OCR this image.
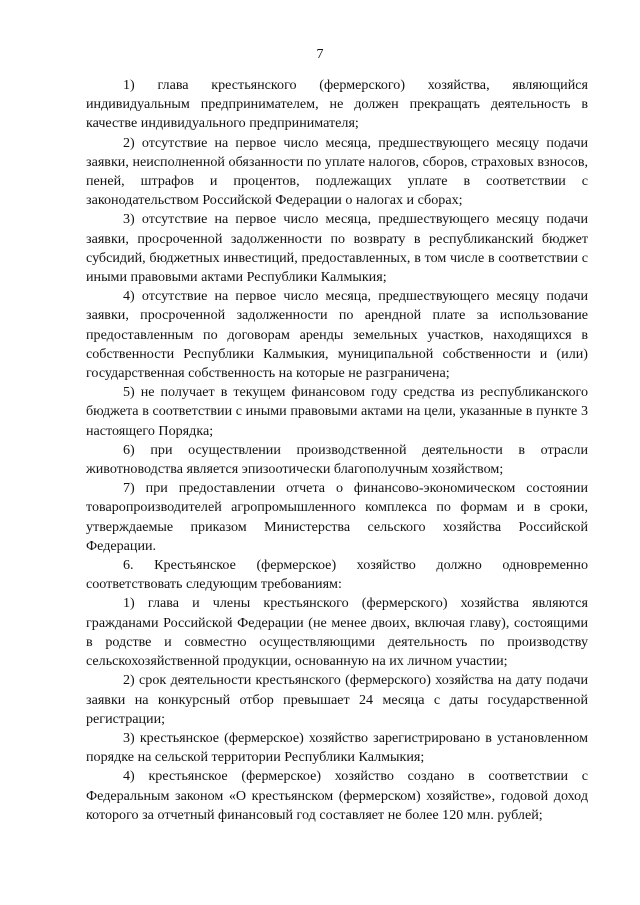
7

1) глава крестьянского (фермерского) хозяйства, являющийся индивидуальным предпринимателем, не должен прекращать деятельность в качестве индивидуального предпринимателя;

2) отсутствие на первое число месяца, предшествующего месяцу подачи заявки, неисполненной обязанности по уплате налогов, сборов, страховых взносов, пеней, штрафов и процентов, подлежащих уплате в соответствии с законодательством Российской Федерации о налогах и сборах;

3) отсутствие на первое число месяца, предшествующего месяцу подачи заявки, просроченной задолженности по возврату в республиканский бюджет субсидий, бюджетных инвестиций, предоставленных, в том числе в соответствии с иными правовыми актами Республики Калмыкия;

4) отсутствие на первое число месяца, предшествующего месяцу подачи заявки, просроченной задолженности по арендной плате за использование предоставленным по договорам аренды земельных участков, находящихся в собственности Республики Калмыкия, муниципальной собственности и (или) государственная собственность на которые не разграничена;

5) не получает в текущем финансовом году средства из республиканского бюджета в соответствии с иными правовыми актами на цели, указанные в пункте 3 настоящего Порядка;

6) при осуществлении производственной деятельности в отрасли животноводства является эпизоотически благополучным хозяйством;

7) при предоставлении отчета о финансово-экономическом состоянии товаропроизводителей агропромышленного комплекса по формам и в сроки, утверждаемые приказом Министерства сельского хозяйства Российской Федерации.

6. Крестьянское (фермерское) хозяйство должно одновременно соответствовать следующим требованиям:

1) глава и члены крестьянского (фермерского) хозяйства являются гражданами Российской Федерации (не менее двоих, включая главу), состоящими в родстве и совместно осуществляющими деятельность по производству сельскохозяйственной продукции, основанную на их личном участии;

2) срок деятельности крестьянского (фермерского) хозяйства на дату подачи заявки на конкурсный отбор превышает 24 месяца с даты государственной регистрации;

3) крестьянское (фермерское) хозяйство зарегистрировано в установленном порядке на сельской территории Республики Калмыкия;

4) крестьянское (фермерское) хозяйство создано в соответствии с Федеральным законом «О крестьянском (фермерском) хозяйстве», годовой доход которого за отчетный финансовый год составляет не более 120 млн. рублей;
